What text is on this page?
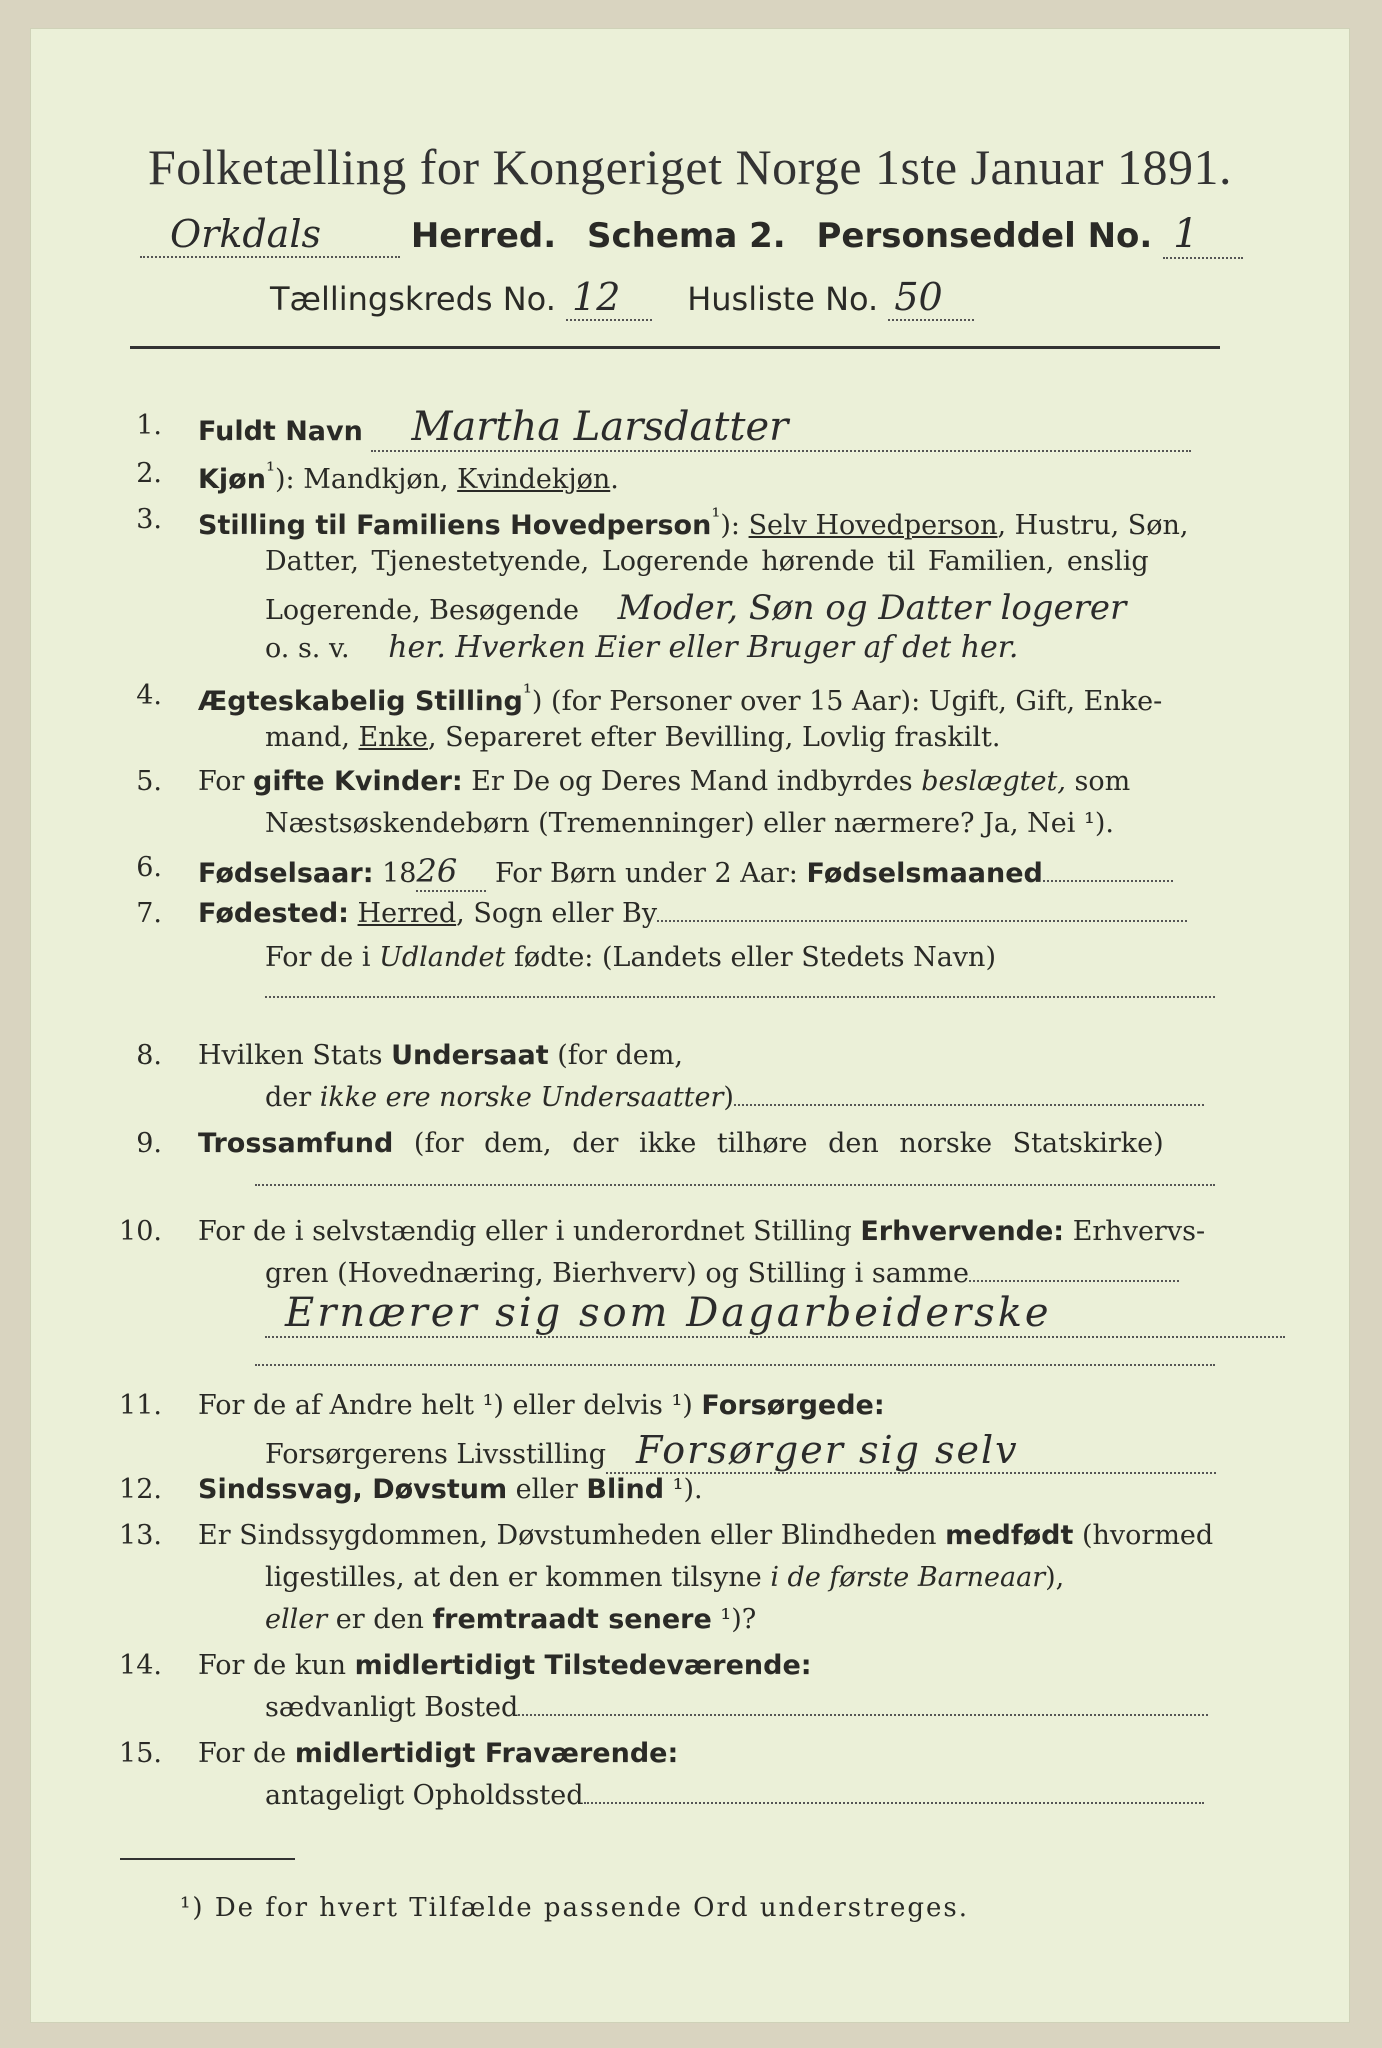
Folketælling for Kongeriget Norge 1ste Januar 1891.
Orkdals	Herred. Schema 2. Personseddel No. 1
Tællingskreds No. 12 Husliste No. 50
1. Fuldt Navn Martha Larsdatter
2. Kjøn$^{^1}$): Mandkjøn, Kvindekjøn.
3. Stilling til Familiens Hovedperson$^{^1}$): Selv Hovedperson, Hustru, Søn,
Datter, Tjenestetyende, Logerende hørende til Familien, enslig
Logerende, Besøgende Moder, Søn og Datter logerer
o. s. v. her. Hverken Eier eller Bruger af det her.
4. Ægteskabelig Stilling$^{^1}$) (for Personer over 15 Aar): Ugift, Gift, Enke-
mand, Enke, Separeret efter Bevilling, Lovlig fraskilt.
5. For gifte Kvinder: Er De og Deres Mand indbyrdes beslægtet, som
Næstsøskendebørn (Tremenninger) eller nærmere? Ja, Nei ¹).
6. Fødselsaar: 1826 For Børn under 2 Aar: Fødselsmaaned
7. Fødested: Herred, Sogn eller By
For de i Udlandet fødte: (Landets eller Stedets Navn)
8. Hvilken Stats Undersaat (for dem,
der ikke ere norske Undersaatter)
9. Trossamfund (for dem, der ikke tilhøre den norske Statskirke)
10. For de i selvstændig eller i underordnet Stilling Erhvervende: Erhvervs-
gren (Hovednæring, Bierhverv) og Stilling i samme
Ernærer sig som Dagarbeiderske
11. For de af Andre helt ¹) eller delvis ¹) Forsørgede:
Forsørgerens Livsstilling Forsørger sig selv
12. Sindssvag, Døvstum eller Blind ¹).
13. Er Sindssygdommen, Døvstumheden eller Blindheden medfødt (hvormed
ligestilles, at den er kommen tilsyne i de første Barneaar),
eller er den fremtraadt senere ¹)?
14. For de kun midlertidigt Tilstedeværende:
sædvanligt Bosted
15. For de midlertidigt Fraværende:
antageligt Opholdssted
¹) De for hvert Tilfælde passende Ord understreges.
